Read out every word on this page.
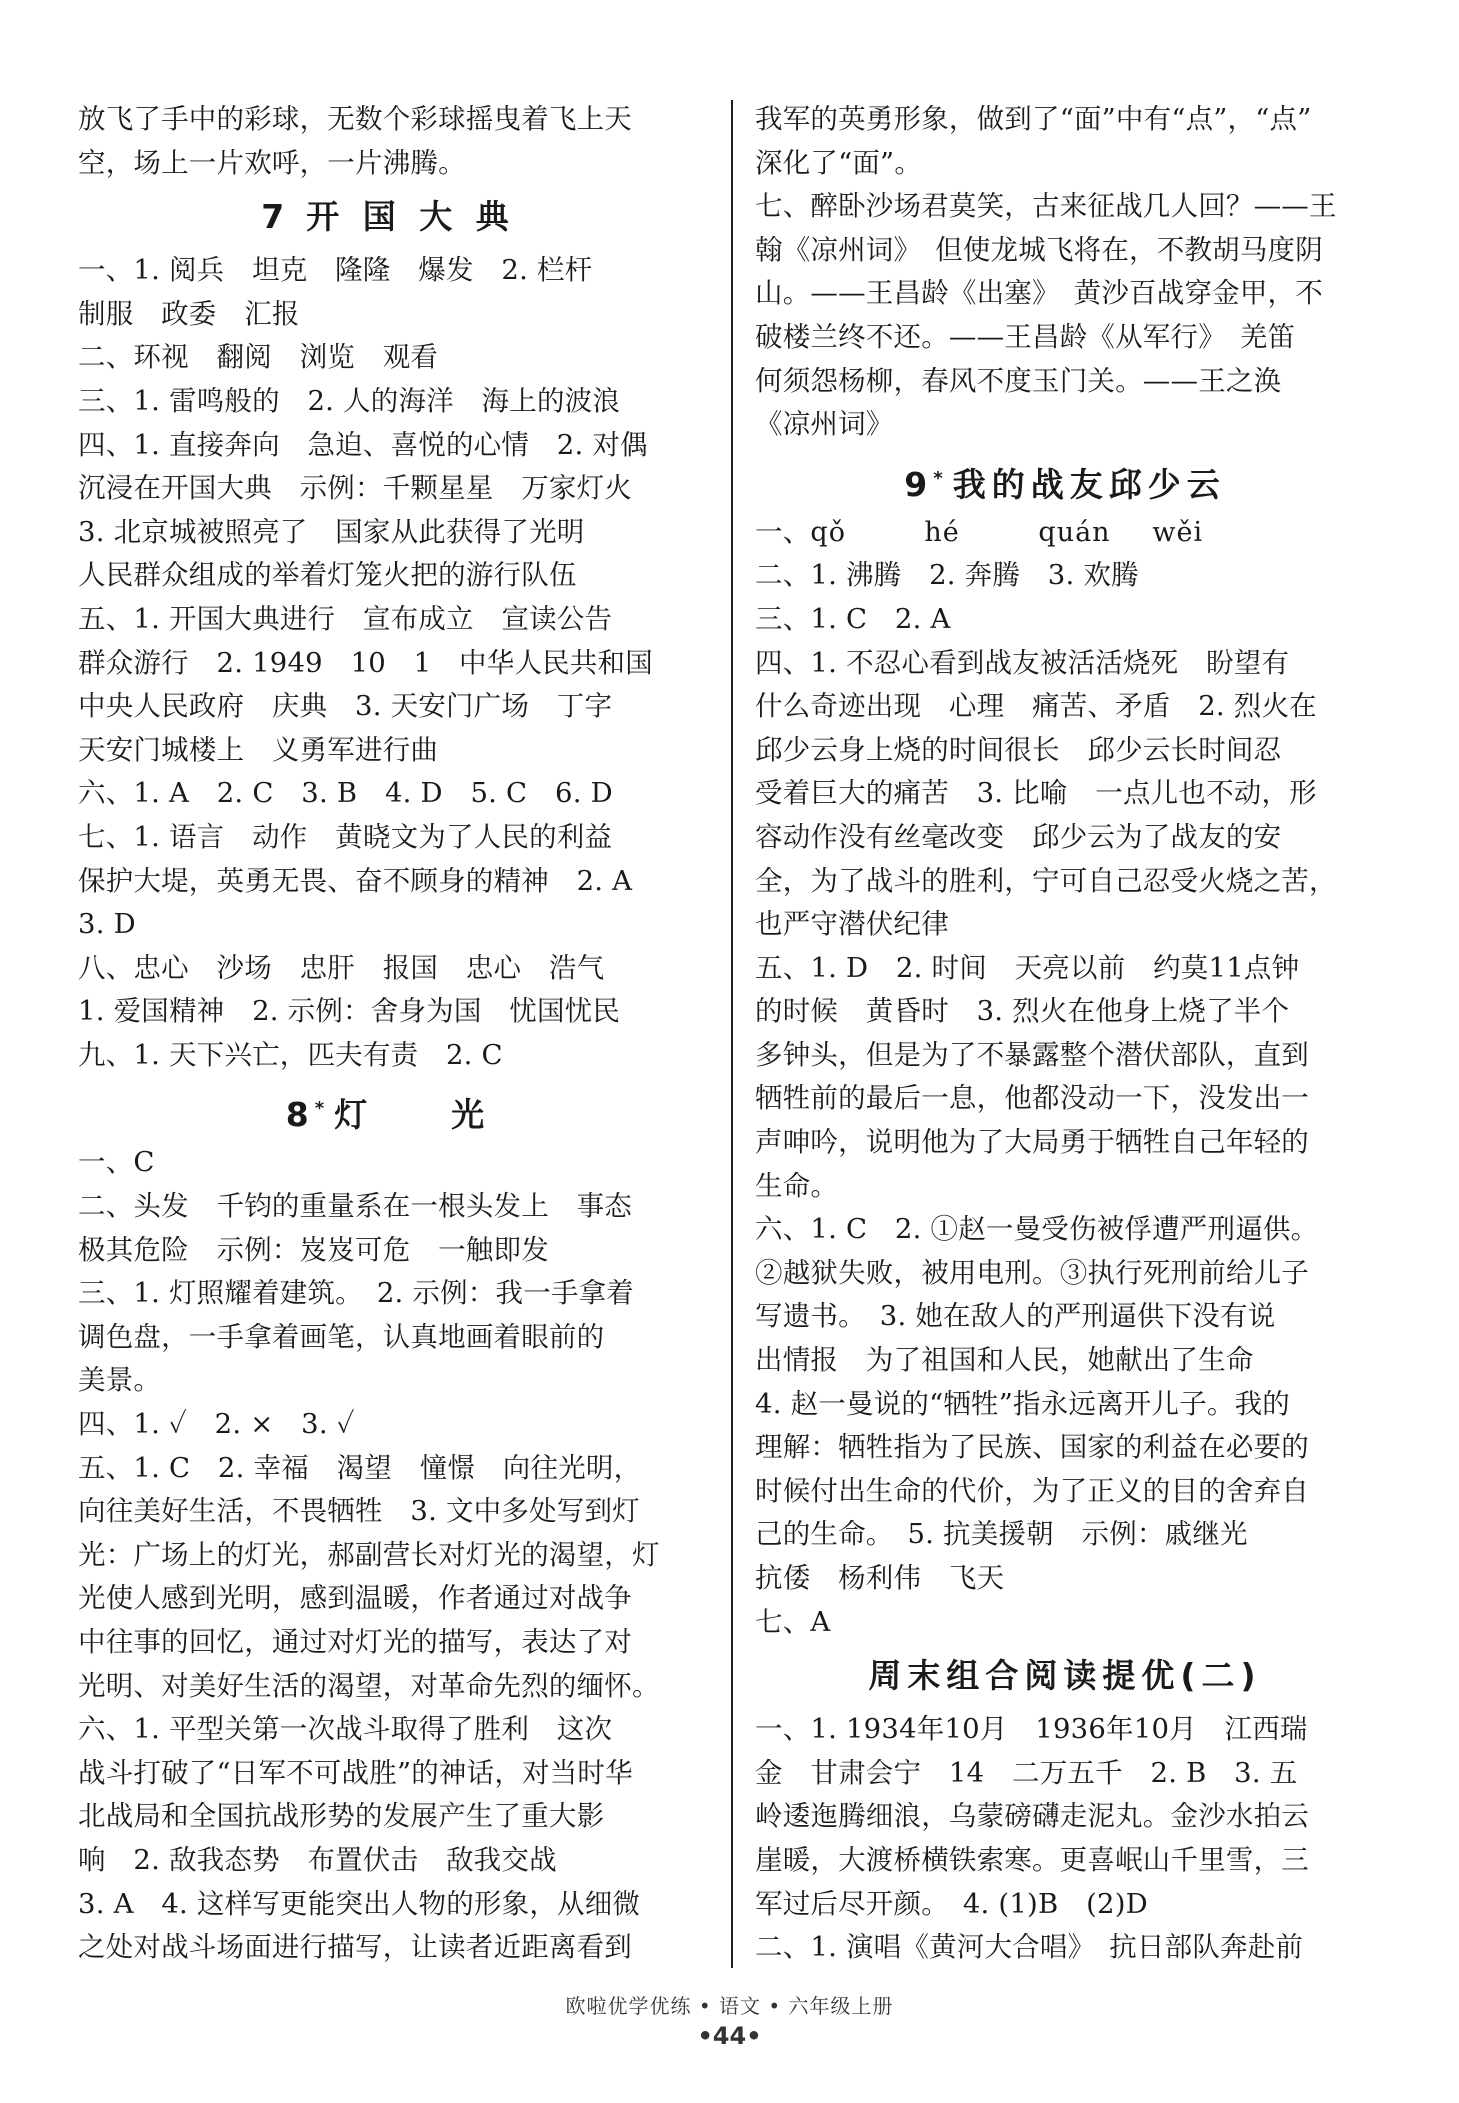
放飞了手中的彩球，无数个彩球摇曳着飞上天
空，场上一片欢呼，一片沸腾。
7 开 国 大 典
一、1. 阅兵　坦克　隆隆　爆发　2. 栏杆
制服　政委　汇报
二、环视　翻阅　浏览　观看
三、1. 雷鸣般的　2. 人的海洋　海上的波浪
四、1. 直接奔向　急迫、喜悦的心情　2. 对偶
沉浸在开国大典　示例：千颗星星　万家灯火
3. 北京城被照亮了　国家从此获得了光明
人民群众组成的举着灯笼火把的游行队伍
五、1. 开国大典进行　宣布成立　宣读公告
群众游行　2. 1949　10　1　中华人民共和国
中央人民政府　庆典　3. 天安门广场　丁字
天安门城楼上　义勇军进行曲
六、1. A　2. C　3. B　4. D　5. C　6. D
七、1. 语言　动作　黄晓文为了人民的利益
保护大堤，英勇无畏、奋不顾身的精神　2. A
3. D
八、忠心　沙场　忠肝　报国　忠心　浩气
1. 爱国精神　2. 示例：舍身为国　忧国忧民
九、1. 天下兴亡，匹夫有责　2. C
8* 灯　　光
一、C
二、头发　千钧的重量系在一根头发上　事态
极其危险　示例：岌岌可危　一触即发
三、1. 灯照耀着建筑。　2. 示例：我一手拿着
调色盘，一手拿着画笔，认真地画着眼前的
美景。
四、1. ✓　2. ×　3. ✓
五、1. C　2. 幸福　渴望　憧憬　向往光明，
向往美好生活，不畏牺牲　3. 文中多处写到灯
光：广场上的灯光，郝副营长对灯光的渴望，灯
光使人感到光明，感到温暖，作者通过对战争
中往事的回忆，通过对灯光的描写，表达了对
光明、对美好生活的渴望，对革命先烈的缅怀。
六、1. 平型关第一次战斗取得了胜利　这次
战斗打破了“日军不可战胜”的神话，对当时华
北战局和全国抗战形势的发展产生了重大影
响　2. 敌我态势　布置伏击　敌我交战
3. A　4. 这样写更能突出人物的形象，从细微
之处对战斗场面进行描写，让读者近距离看到
我军的英勇形象，做到了“面”中有“点”，“点”
深化了“面”。
七、醉卧沙场君莫笑，古来征战几人回？——王
翰《凉州词》　但使龙城飞将在，不教胡马度阴
山。——王昌龄《出塞》　黄沙百战穿金甲，不
破楼兰终不还。——王昌龄《从军行》　羌笛
何须怨杨柳，春风不度玉门关。——王之涣
《凉州词》
9* 我的战友邱少云
一、qǒ	hé	quán wěi
二、1. 沸腾　2. 奔腾　3. 欢腾
三、1. C　2. A
四、1. 不忍心看到战友被活活烧死　盼望有
什么奇迹出现　心理　痛苦、矛盾　2. 烈火在
邱少云身上烧的时间很长　邱少云长时间忍
受着巨大的痛苦　3. 比喻　一点儿也不动，形
容动作没有丝毫改变　邱少云为了战友的安
全，为了战斗的胜利，宁可自己忍受火烧之苦，
也严守潜伏纪律
五、1. D　2. 时间　天亮以前　约莫11点钟
的时候　黄昏时　3. 烈火在他身上烧了半个
多钟头，但是为了不暴露整个潜伏部队，直到
牺牲前的最后一息，他都没动一下，没发出一
声呻吟，说明他为了大局勇于牺牲自己年轻的
生命。
六、1. C　2. ①赵一曼受伤被俘遭严刑逼供。
②越狱失败，被用电刑。③执行死刑前给儿子
写遗书。　3. 她在敌人的严刑逼供下没有说
出情报　为了祖国和人民，她献出了生命
4. 赵一曼说的“牺牲”指永远离开儿子。我的
理解：牺牲指为了民族、国家的利益在必要的
时候付出生命的代价，为了正义的目的舍弃自
己的生命。　5. 抗美援朝　示例：戚继光
抗倭　杨利伟　飞天
七、A
周末组合阅读提优(二)
一、1. 1934年10月　1936年10月　江西瑞
金　甘肃会宁　14　二万五千　2. B　3. 五
岭逶迤腾细浪，乌蒙磅礴走泥丸。金沙水拍云
崖暖，大渡桥横铁索寒。更喜岷山千里雪，三
军过后尽开颜。　4. (1)B　(2)D
二、1. 演唱《黄河大合唱》　抗日部队奔赴前
欧啦优学优练 • 语文 • 六年级上册
•44•
